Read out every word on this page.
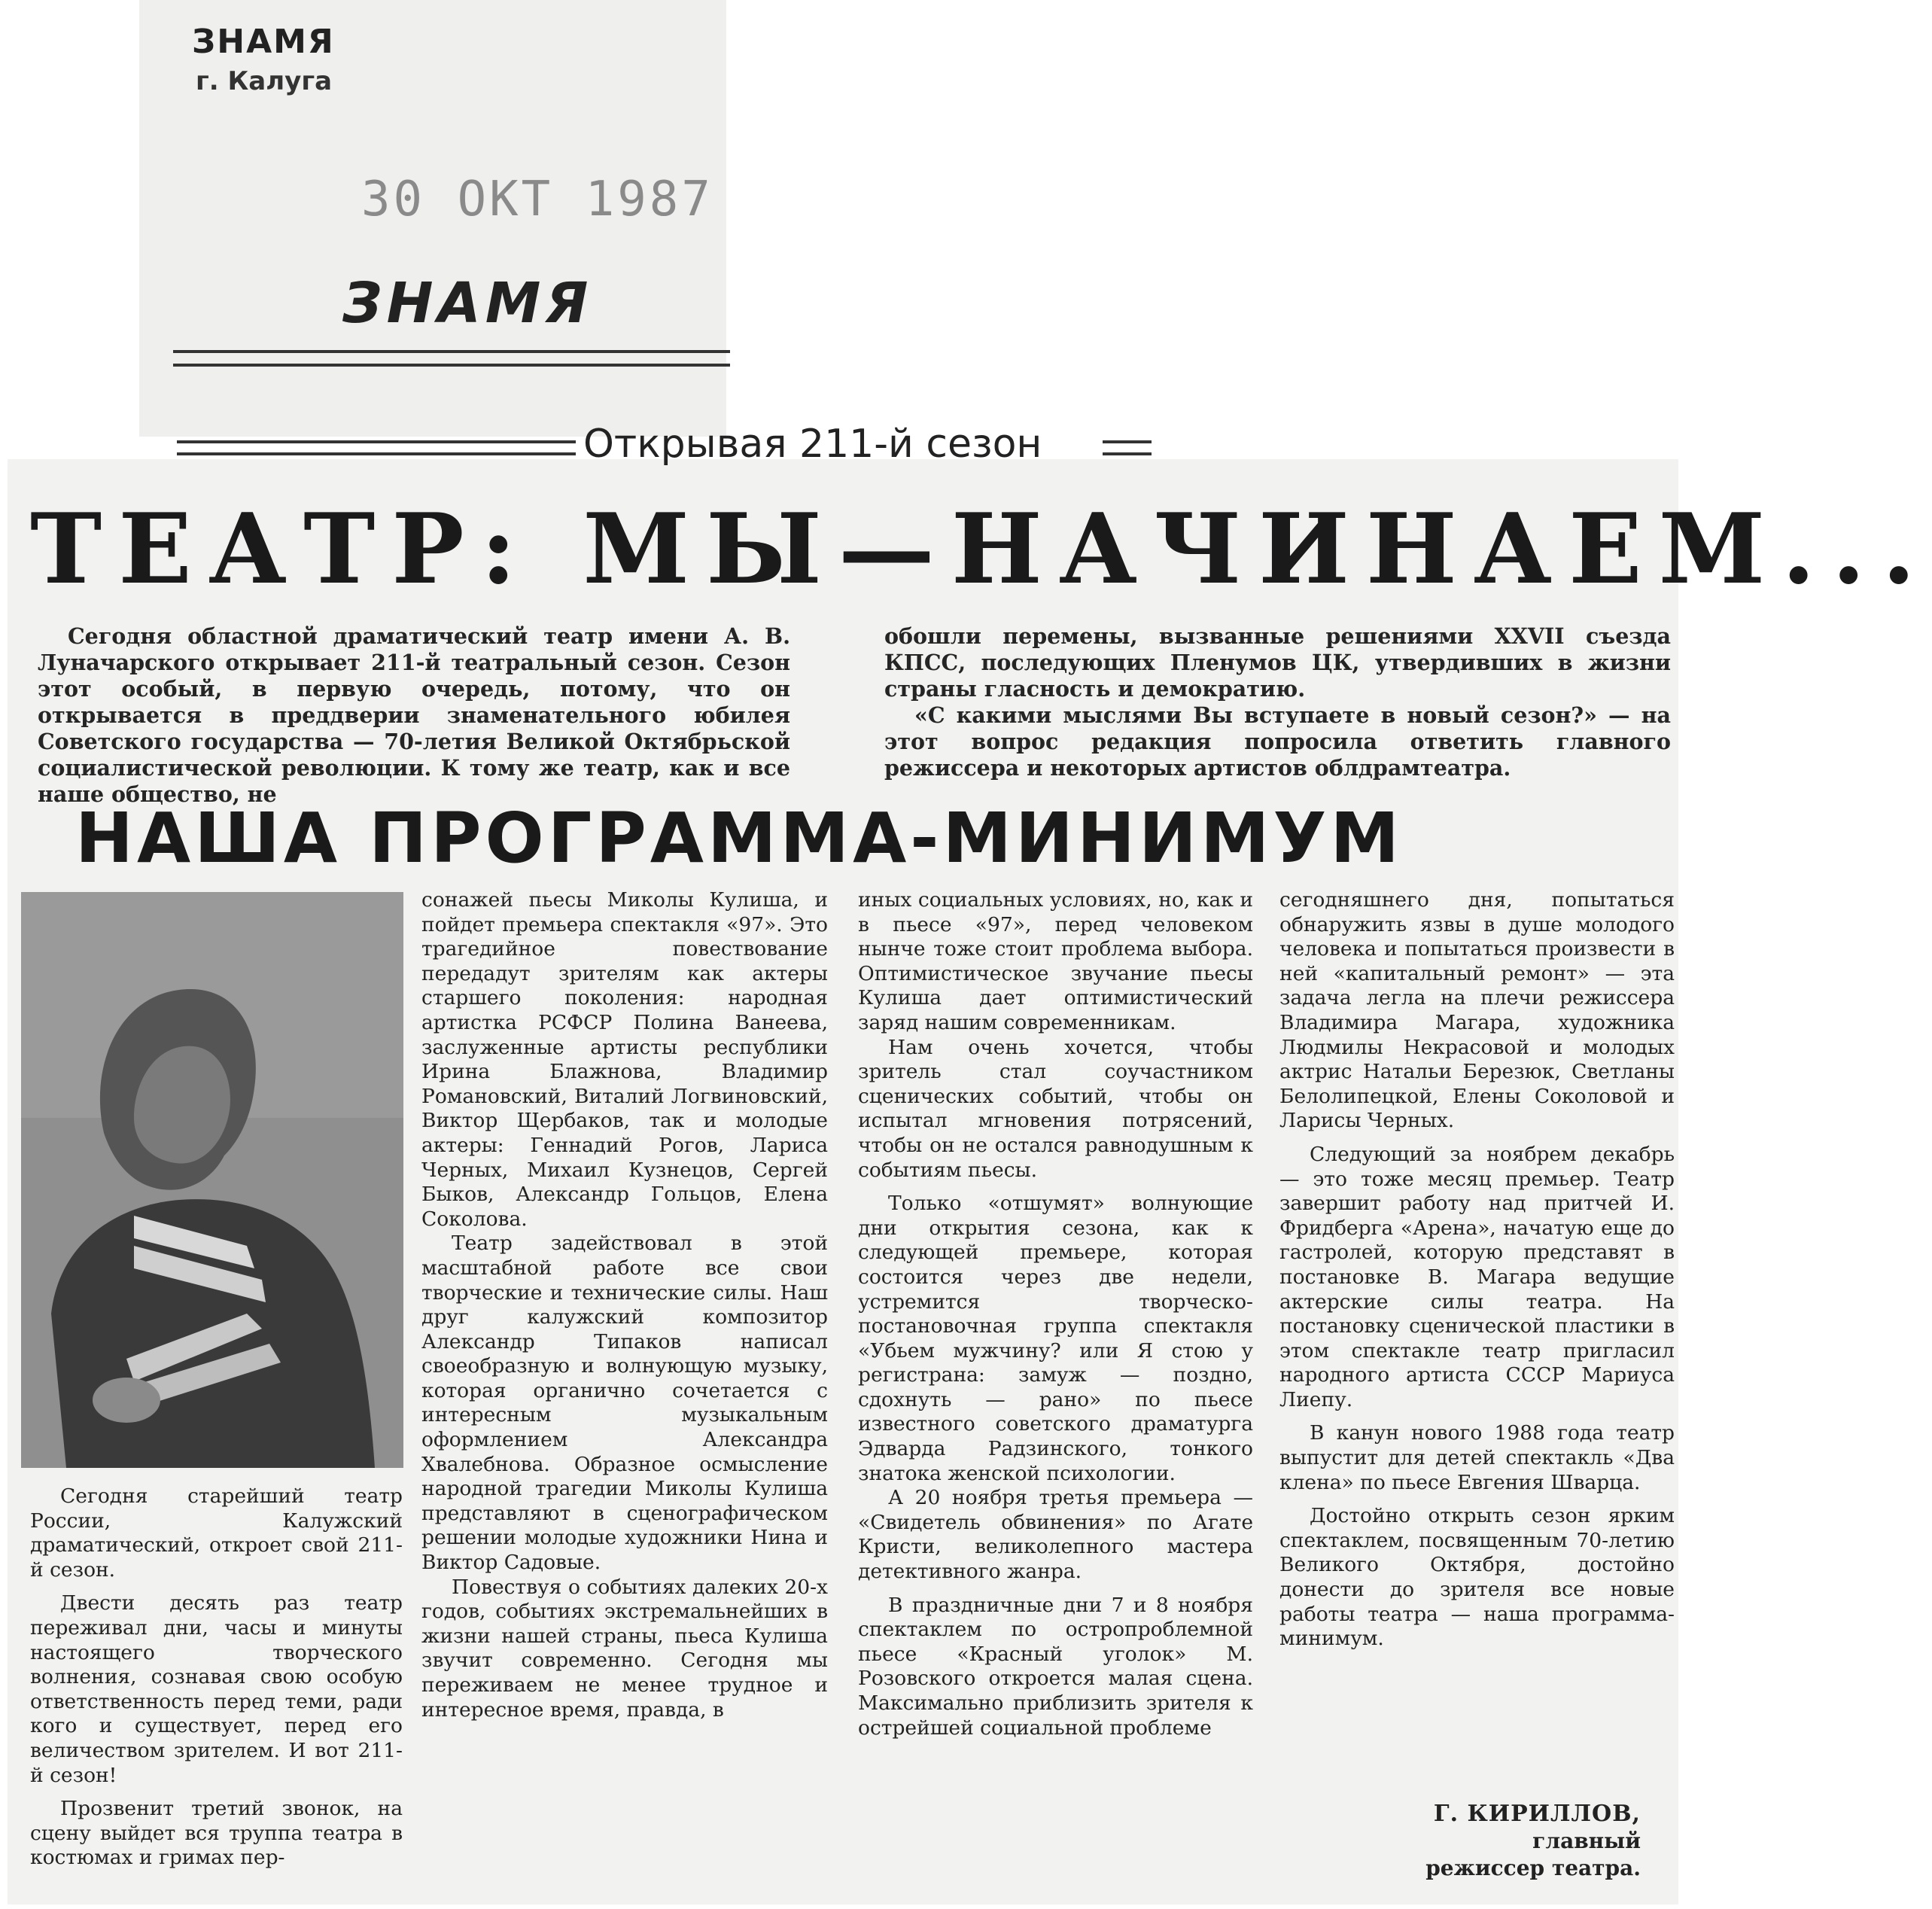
ЗНАМЯ
г. Калуга
30 ОКТ 1987
ЗНАМЯ
Открывая 211-й сезон
ТЕАТР: МЫ—НАЧИНАЕМ...

Сегодня областной драматический театр имени А. В. Луначарского открывает 211-й театральный сезон. Сезон этот особый, в первую очередь, потому, что он открывается в преддверии знаменательного юбилея Советского государства — 70-летия Великой Октябрьской социалистической революции. К тому же театр, как и все наше общество, не

обошли перемены, вызванные решениями XXVII съезда КПСС, последующих Пленумов ЦК, утвердивших в жизни страны гласность и демократию.

«С какими мыслями Вы вступаете в новый сезон?» — на этот вопрос редакция попросила ответить главного режиссера и некоторых артистов облдрамтеатра.

НАША ПРОГРАММА-МИНИМУМ

Сегодня старейший театр России, Калужский драматический, откроет свой 211-й сезон.

Двести десять раз театр переживал дни, часы и минуты настоящего творческого волнения, сознавая свою особую ответственность перед теми, ради кого и существует, перед его величеством зрителем. И вот 211-й сезон!

Прозвенит третий звонок, на сцену выйдет вся труппа театра в костюмах и гримах пер-

сонажей пьесы Миколы Кулиша, и пойдет премьера спектакля «97». Это трагедийное повествование передадут зрителям как актеры старшего поколения: народная артистка РСФСР Полина Ванеева, заслуженные артисты республики Ирина Блажнова, Владимир Романовский, Виталий Логвиновский, Виктор Щербаков, так и молодые актеры: Геннадий Рогов, Лариса Черных, Михаил Кузнецов, Сергей Быков, Александр Гольцов, Елена Соколова.

Театр задействовал в этой масштабной работе все свои творческие и технические силы. Наш друг калужский композитор Александр Типаков написал своеобразную и волнующую музыку, которая органично сочетается с интересным музыкальным оформлением Александра Хвалебнова. Образное осмысление народной трагедии Миколы Кулиша представляют в сценографическом решении молодые художники Нина и Виктор Садовые.

Повествуя о событиях далеких 20-х годов, событиях экстремальнейших в жизни нашей страны, пьеса Кулиша звучит современно. Сегодня мы переживаем не менее трудное и интересное время, правда, в

иных социальных условиях, но, как и в пьесе «97», перед человеком нынче тоже стоит проблема выбора. Оптимистическое звучание пьесы Кулиша дает оптимистический заряд нашим современникам.

Нам очень хочется, чтобы зритель стал соучастником сценических событий, чтобы он испытал мгновения потрясений, чтобы он не остался равнодушным к событиям пьесы.

Только «отшумят» волнующие дни открытия сезона, как к следующей премьере, которая состоится через две недели, устремится творческо-постановочная группа спектакля «Убьем мужчину? или Я стою у регистрана: замуж — поздно, сдохнуть — рано» по пьесе известного советского драматурга Эдварда Радзинского, тонкого знатока женской психологии.

А 20 ноября третья премьера — «Свидетель обвинения» по Агате Кристи, великолепного мастера детективного жанра.

В праздничные дни 7 и 8 ноября спектаклем по остропроблемной пьесе «Красный уголок» М. Розовского откроется малая сцена. Максимально приблизить зрителя к острейшей социальной проблеме

сегодняшнего дня, попытаться обнаружить язвы в душе молодого человека и попытаться произвести в ней «капитальный ремонт» — эта задача легла на плечи режиссера Владимира Магара, художника Людмилы Некрасовой и молодых актрис Натальи Березюк, Светланы Белолипецкой, Елены Соколовой и Ларисы Черных.

Следующий за ноябрем декабрь — это тоже месяц премьер. Театр завершит работу над притчей И. Фридберга «Арена», начатую еще до гастролей, которую представят в постановке В. Магара ведущие актерские силы театра. На постановку сценической пластики в этом спектакле театр пригласил народного артиста СССР Мариуса Лиепу.

В канун нового 1988 года театр выпустит для детей спектакль «Два клена» по пьесе Евгения Шварца.

Достойно открыть сезон ярким спектаклем, посвященным 70-летию Великого Октября, достойно донести до зрителя все новые работы театра — наша программа-минимум.

Г. КИРИЛЛОВ,
главный
режиссер театра.
